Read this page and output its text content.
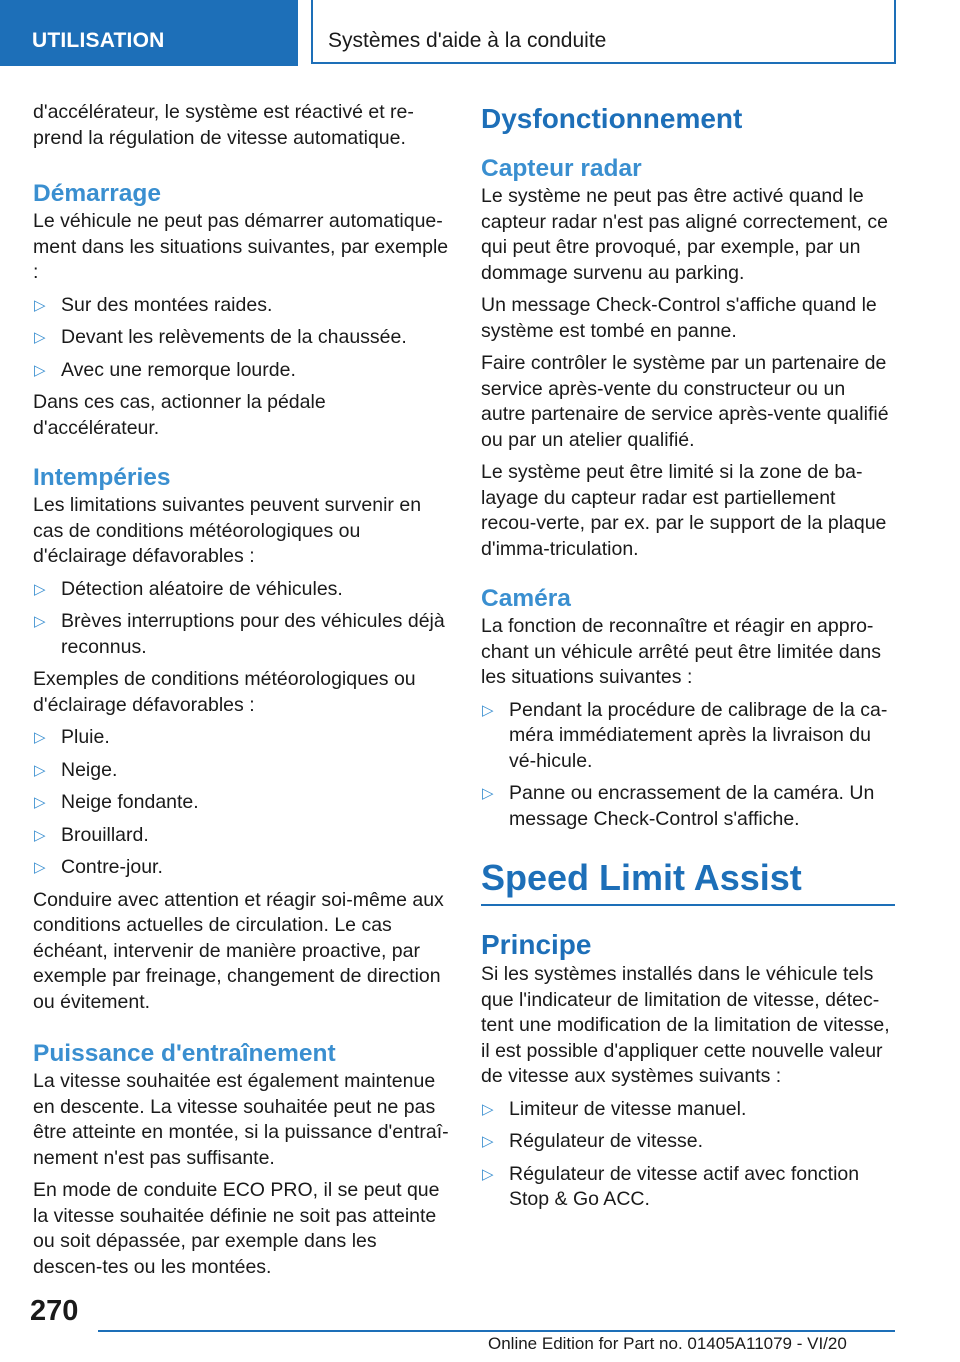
UTILISATION	Systèmes d'aide à la conduite

d'accélérateur, le système est réactivé et re-prend la régulation de vitesse automatique.

Démarrage

Le véhicule ne peut pas démarrer automatique-ment dans les situations suivantes, par exemple :

▷ Sur des montées raides.
▷ Devant les relèvements de la chaussée.
▷ Avec une remorque lourde.

Dans ces cas, actionner la pédale d'accélérateur.

Intempéries

Les limitations suivantes peuvent survenir en cas de conditions météorologiques ou d'éclairage défavorables :

▷ Détection aléatoire de véhicules.
▷ Brèves interruptions pour des véhicules déjà reconnus.

Exemples de conditions météorologiques ou d'éclairage défavorables :

▷ Pluie.
▷ Neige.
▷ Neige fondante.
▷ Brouillard.
▷ Contre-jour.

Conduire avec attention et réagir soi-même aux conditions actuelles de circulation. Le cas échéant, intervenir de manière proactive, par exemple par freinage, changement de direction ou évitement.

Puissance d'entraînement

La vitesse souhaitée est également maintenue en descente. La vitesse souhaitée peut ne pas être atteinte en montée, si la puissance d'entraî-nement n'est pas suffisante.

En mode de conduite ECO PRO, il se peut que la vitesse souhaitée définie ne soit pas atteinte ou soit dépassée, par exemple dans les descen-tes ou les montées.

Dysfonctionnement
Capteur radar

Le système ne peut pas être activé quand le capteur radar n'est pas aligné correctement, ce qui peut être provoqué, par exemple, par un dommage survenu au parking.

Un message Check-Control s'affiche quand le système est tombé en panne.

Faire contrôler le système par un partenaire de service après-vente du constructeur ou un autre partenaire de service après-vente qualifié ou par un atelier qualifié.

Le système peut être limité si la zone de ba-layage du capteur radar est partiellement recou-verte, par ex. par le support de la plaque d'imma-triculation.

Caméra

La fonction de reconnaître et réagir en appro-chant un véhicule arrêté peut être limitée dans les situations suivantes :

▷ Pendant la procédure de calibrage de la ca-méra immédiatement après la livraison du vé-hicule.
▷ Panne ou encrassement de la caméra. Un message Check-Control s'affiche.
Speed Limit Assist
Principe

Si les systèmes installés dans le véhicule tels que l'indicateur de limitation de vitesse, détec-tent une modification de la limitation de vitesse, il est possible d'appliquer cette nouvelle valeur de vitesse aux systèmes suivants :

▷ Limiteur de vitesse manuel.
▷ Régulateur de vitesse.
▷ Régulateur de vitesse actif avec fonction Stop & Go ACC.
270
Online Edition for Part no. 01405A11079 - VI/20
